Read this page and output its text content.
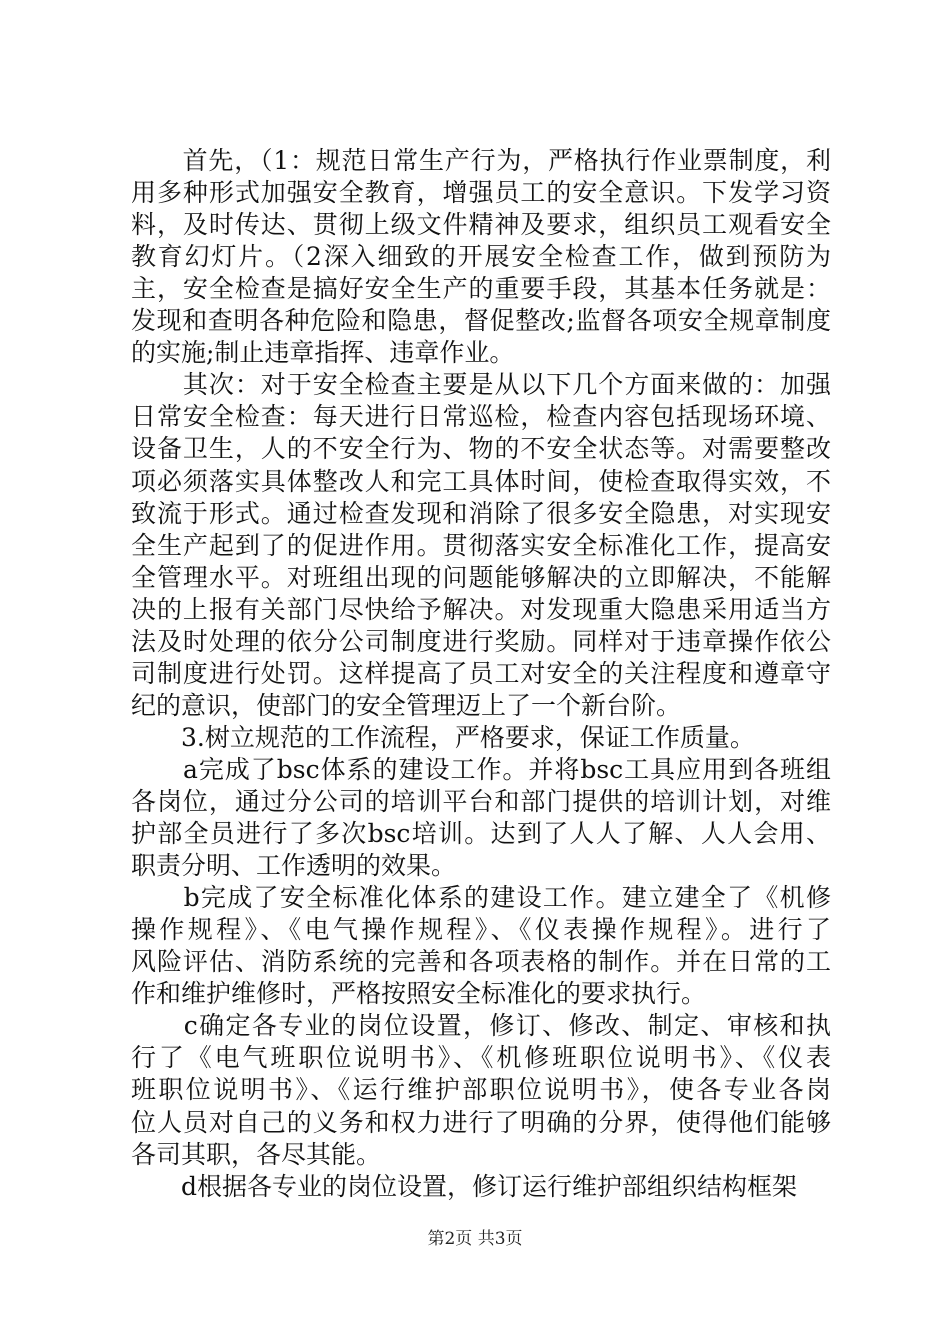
　　首先，（1：规范日常生产行为，严格执行作业票制度，利
用多种形式加强安全教育，增强员工的安全意识。下发学习资
料，及时传达、贯彻上级文件精神及要求，组织员工观看安全
教育幻灯片。（2深入细致的开展安全检查工作，做到预防为
主，安全检查是搞好安全生产的重要手段，其基本任务就是：
发现和查明各种危险和隐患，督促整改;监督各项安全规章制度
的实施;制止违章指挥、违章作业。
　　其次：对于安全检查主要是从以下几个方面来做的：加强
日常安全检查：每天进行日常巡检，检查内容包括现场环境、
设备卫生，人的不安全行为、物的不安全状态等。对需要整改
项必须落实具体整改人和完工具体时间，使检查取得实效，不
致流于形式。通过检查发现和消除了很多安全隐患，对实现安
全生产起到了的促进作用。贯彻落实安全标准化工作，提高安
全管理水平。对班组出现的问题能够解决的立即解决，不能解
决的上报有关部门尽快给予解决。对发现重大隐患采用适当方
法及时处理的依分公司制度进行奖励。同样对于违章操作依公
司制度进行处罚。这样提高了员工对安全的关注程度和遵章守
纪的意识，使部门的安全管理迈上了一个新台阶。
　　3.树立规范的工作流程，严格要求，保证工作质量。
　　a完成了bsc体系的建设工作。并将bsc工具应用到各班组
各岗位，通过分公司的培训平台和部门提供的培训计划，对维
护部全员进行了多次bsc培训。达到了人人了解、人人会用、
职责分明、工作透明的效果。
　　b完成了安全标准化体系的建设工作。建立建全了《机修
操作规程》、《电气操作规程》、《仪表操作规程》。进行了
风险评估、消防系统的完善和各项表格的制作。并在日常的工
作和维护维修时，严格按照安全标准化的要求执行。
　　c确定各专业的岗位设置，修订、修改、制定、审核和执
行了《电气班职位说明书》、《机修班职位说明书》、《仪表
班职位说明书》、《运行维护部职位说明书》，使各专业各岗
位人员对自己的义务和权力进行了明确的分界，使得他们能够
各司其职，各尽其能。
　　d根据各专业的岗位设置，修订运行维护部组织结构框架
第2页 共3页
